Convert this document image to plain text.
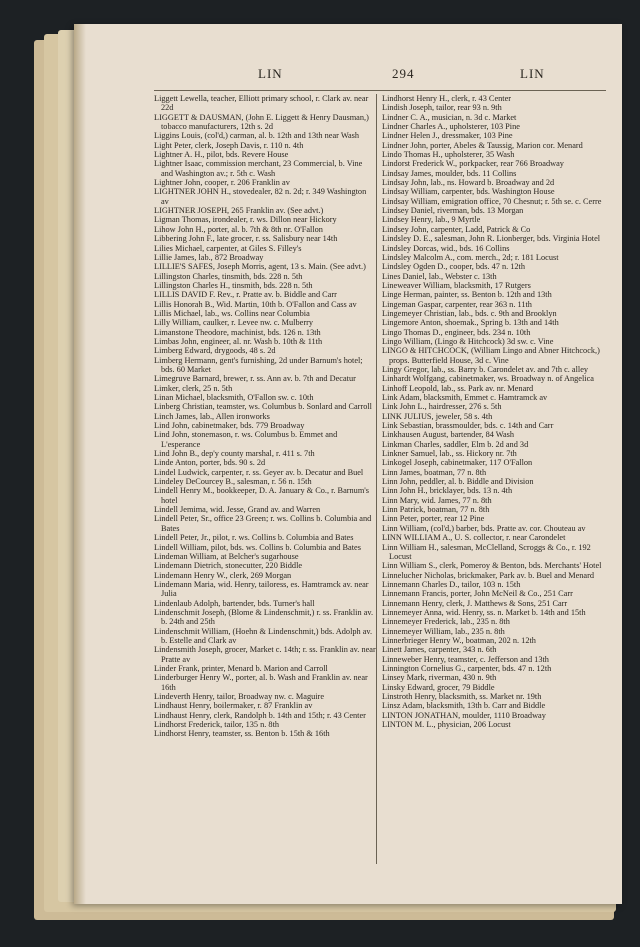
LIN	294	LIN
Liggett Lewella, teacher, Elliott primary school, r. Clark av. near 22d
LIGGETT & DAUSMAN, (John E. Liggett & Henry Dausman,) tobacco manufacturers, 12th s. 2d
Liggins Louis, (col'd,) carman, al. b. 12th and 13th near Wash
Light Peter, clerk, Joseph Davis, r. 110 n. 4th
Lightner A. H., pilot, bds. Revere House
Lightner Isaac, commission merchant, 23 Commercial, b. Vine and Washington av.; r. 5th c. Wash
Lightner John, cooper, r. 206 Franklin av
LIGHTNER JOHN H., stovedealer, 82 n. 2d; r. 349 Washington av
LIGHTNER JOSEPH, 265 Franklin av. (See advt.)
Ligman Thomas, irondealer, r. ws. Dillon near Hickory
Lihow John H., porter, al. b. 7th & 8th nr. O'Fallon
Libbering John F., late grocer, r. ss. Salisbury near 14th
Lilies Michael, carpenter, at Giles S. Filley's
Lillie James, lab., 872 Broadway
LILLIE'S SAFES, Joseph Morris, agent, 13 s. Main. (See advt.)
Lillingston Charles, tinsmith, bds. 228 n. 5th
Lillingston Charles H., tinsmith, bds. 228 n. 5th
LILLIS DAVID F. Rev., r. Pratte av. b. Biddle and Carr
Lillis Honorah B., Wid. Martin, 10th b. O'Fallon and Cass av
Lillis Michael, lab., ws. Collins near Columbia
Lilly William, caulker, r. Levee nw. c. Mulberry
Limanstone Theodore, machinist, bds. 126 n. 13th
Limbas John, engineer, al. nr. Wash b. 10th & 11th
Limberg Edward, drygoods, 48 s. 2d
Limberg Hermann, gent's furnishing, 2d under Barnum's hotel; bds. 60 Market
Limegruve Barnard, brewer, r. ss. Ann av. b. 7th and Decatur
Limker, clerk, 25 n. 5th
Linan Michael, blacksmith, O'Fallon sw. c. 10th
Linberg Christian, teamster, ws. Columbus b. Sonlard and Carroll
Linch James, lab., Allen ironworks
Lind John, cabinetmaker, bds. 779 Broadway
Lind John, stonemason, r. ws. Columbus b. Emmet and L'esperance
Lind John B., dep'y county marshal, r. 411 s. 7th
Linde Anton, porter, bds. 90 s. 2d
Lindel Ludwick, carpenter, r. ss. Geyer av. b. Decatur and Buel
Lindeley DeCourcey B., salesman, r. 56 n. 15th
Lindell Henry M., bookkeeper, D. A. January & Co., r. Barnum's hotel
Lindell Jemima, wid. Jesse, Grand av. and Warren
Lindell Peter, Sr., office 23 Green; r. ws. Collins b. Columbia and Bates
Lindell Peter, Jr., pilot, r. ws. Collins b. Columbia and Bates
Lindell William, pilot, bds. ws. Collins b. Columbia and Bates
Lindeman William, at Belcher's sugarhouse
Lindemann Dietrich, stonecutter, 220 Biddle
Lindemann Henry W., clerk, 269 Morgan
Lindemann Maria, wid. Henry, tailoress, es. Hamtramck av. near Julia
Lindenlaub Adolph, bartender, bds. Turner's hall
Lindenschmit Joseph, (Blome & Lindenschmit,) r. ss. Franklin av. b. 24th and 25th
Lindenschmit William, (Hoehn & Lindenschmit,) bds. Adolph av. b. Estelle and Clark av
Lindensmith Joseph, grocer, Market c. 14th; r. ss. Franklin av. near Pratte av
Linder Frank, printer, Menard b. Marion and Carroll
Linderburger Henry W., porter, al. b. Wash and Franklin av. near 16th
Lindeverth Henry, tailor, Broadway nw. c. Maguire
Lindhaust Henry, boilermaker, r. 87 Franklin av
Lindhaust Henry, clerk, Randolph b. 14th and 15th; r. 43 Center
Lindhorst Frederick, tailor, 135 n. 8th
Lindhorst Henry, teamster, ss. Benton b. 15th & 16th
Lindhorst Henry H., clerk, r. 43 Center
Lindish Joseph, tailor, rear 93 n. 9th
Lindner C. A., musician, n. 3d c. Market
Lindner Charles A., upholsterer, 103 Pine
Lindner Helen J., dressmaker, 103 Pine
Lindner John, porter, Abeles & Taussig, Marion cor. Menard
Lindo Thomas H., upholsterer, 35 Wash
Lindorst Frederick W., porkpacker, rear 766 Broadway
Lindsay James, moulder, bds. 11 Collins
Lindsay John, lab., ns. Howard b. Broadway and 2d
Lindsay William, carpenter, bds. Washington House
Lindsay William, emigration office, 70 Chesnut; r. 5th se. c. Cerre
Lindsey Daniel, riverman, bds. 13 Morgan
Lindsey Henry, lab., 9 Myrtle
Lindsey John, carpenter, Ladd, Patrick & Co
Lindsley D. E., salesman, John R. Lionberger, bds. Virginia Hotel
Lindsley Dorcas, wid., bds. 16 Collins
Lindsley Malcolm A., com. merch., 2d; r. 181 Locust
Lindsley Ogden D., cooper, bds. 47 n. 12th
Lines Daniel, lab., Webster c. 13th
Lineweaver William, blacksmith, 17 Rutgers
Linge Herman, painter, ss. Benton b. 12th and 13th
Lingeman Gaspar, carpenter, rear 363 n. 11th
Lingemeyer Christian, lab., bds. c. 9th and Brooklyn
Lingemore Anton, shoemak., Spring b. 13th and 14th
Lingo Thomas D., engineer, bds. 234 n. 10th
Lingo William, (Lingo & Hitchcock) 3d sw. c. Vine
LINGO & HITCHCOCK, (William Lingo and Abner Hitchcock,) props. Butterfield House, 3d c. Vine
Lingy Gregor, lab., ss. Barry b. Carondelet av. and 7th c. alley
Linhardt Wolfgang, cabinetmaker, ws. Broadway n. of Angelica
Linhoff Leopold, lab., ss. Park av. nr. Menard
Link Adam, blacksmith, Emmet c. Hamtramck av
Link John L., hairdresser, 276 s. 5th
LINK JULIUS, jeweler, 58 s. 4th
Link Sebastian, brassmoulder, bds. c. 14th and Carr
Linkhausen August, bartender, 84 Wash
Linkman Charles, saddler, Elm b. 2d and 3d
Linkner Samuel, lab., ss. Hickory nr. 7th
Linkogel Joseph, cabinetmaker, 117 O'Fallon
Linn James, boatman, 77 n. 8th
Linn John, peddler, al. b. Biddle and Division
Linn John H., bricklayer, bds. 13 n. 4th
Linn Mary, wid. James, 77 n. 8th
Linn Patrick, boatman, 77 n. 8th
Linn Peter, porter, rear 12 Pine
Linn William, (col'd,) barber, bds. Pratte av. cor. Chouteau av
LINN WILLIAM A., U. S. collector, r. near Carondelet
Linn William H., salesman, McClelland, Scroggs & Co., r. 192 Locust
Linn William S., clerk, Pomeroy & Benton, bds. Merchants' Hotel
Linnelucher Nicholas, brickmaker, Park av. b. Buel and Menard
Linnemann Charles D., tailor, 103 n. 15th
Linnemann Francis, porter, John McNeil & Co., 251 Carr
Linnemann Henry, clerk, J. Matthews & Sons, 251 Carr
Linnemeyer Anna, wid. Henry, ss. n. Market b. 14th and 15th
Linnemeyer Frederick, lab., 235 n. 8th
Linnemeyer William, lab., 235 n. 8th
Linnerbrieger Henry W., boatman, 202 n. 12th
Linett James, carpenter, 343 n. 6th
Linneweber Henry, teamster, c. Jefferson and 13th
Linnington Cornelius G., carpenter, bds. 47 n. 12th
Linsey Mark, riverman, 430 n. 9th
Linsky Edward, grocer, 79 Biddle
Linstroth Henry, blacksmith, ss. Market nr. 19th
Linsz Adam, blacksmith, 13th b. Carr and Biddle
LINTON JONATHAN, moulder, 1110 Broadway
LINTON M. L., physician, 206 Locust
